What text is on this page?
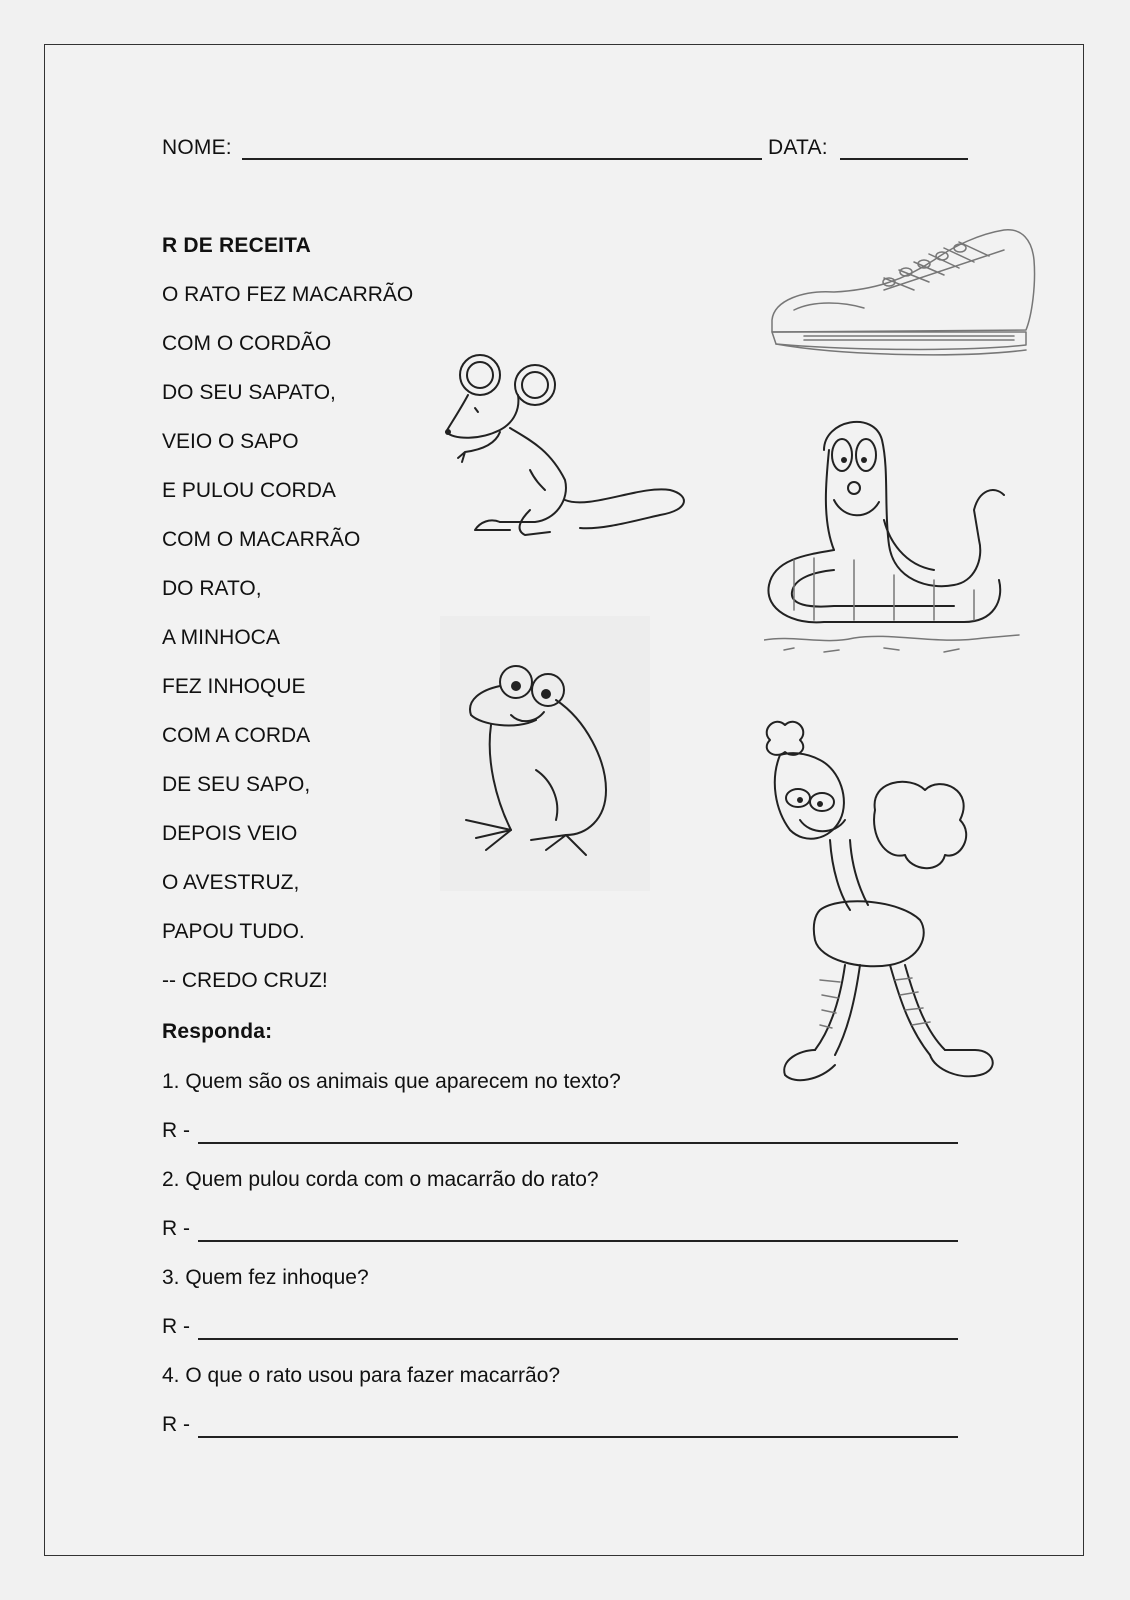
NOME:	DATA:
R DE RECEITA
O RATO FEZ MACARRÃO
COM O CORDÃO
DO SEU SAPATO,
VEIO O SAPO
E PULOU CORDA
COM O MACARRÃO
DO RATO,
A MINHOCA
FEZ INHOQUE
COM A CORDA
DE SEU SAPO,
DEPOIS VEIO
O AVESTRUZ,
PAPOU TUDO.
-- CREDO CRUZ!
Responda:
1. Quem são os animais que aparecem no texto?
R -
2. Quem pulou corda com o macarrão do rato?
R -
3. Quem fez inhoque?
R -
4. O que o rato usou para fazer macarrão?
R -
